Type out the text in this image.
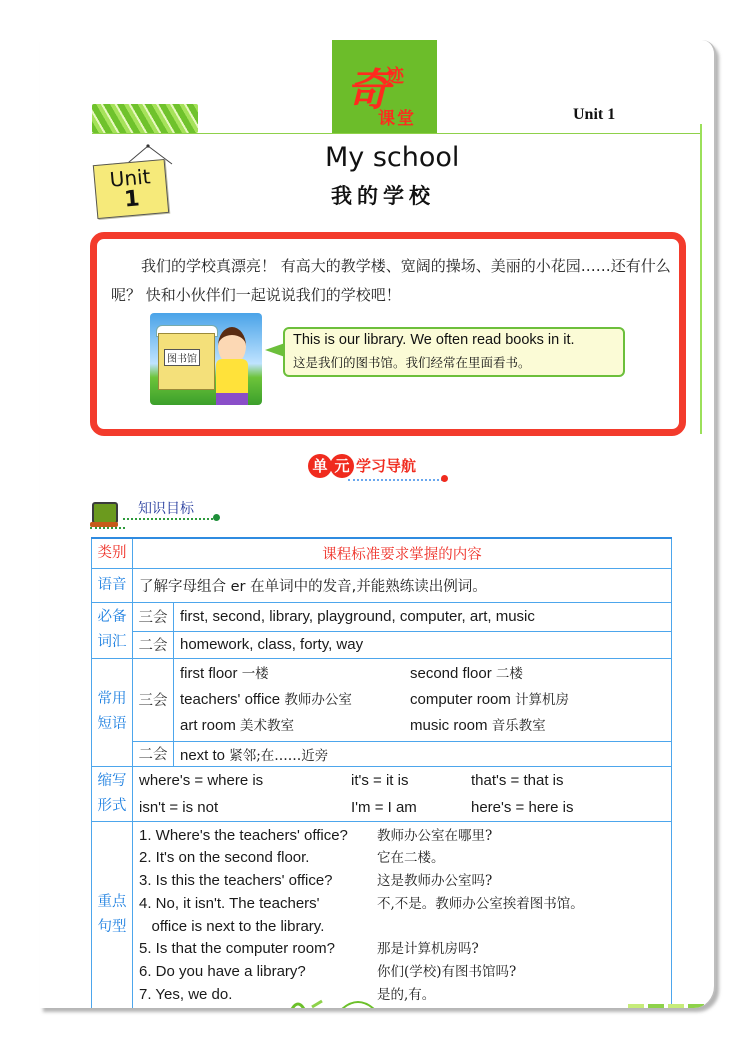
奇
迹
课堂	Unit 1
Unit
1
My school
我的学校
我们的学校真漂亮！ 有高大的教学楼、宽阔的操场、美丽的小花园……还有什么呢？ 快和小伙伴们一起说说我们的学校吧！
图书馆
This is our library. We often read books in it.
这是我们的图书馆。我们经常在里面看书。
单 元 学习导航
知识目标
类别	课程标准要求掌握的内容	
语音	了解字母组合 er 在单词中的发音,并能熟练读出例词。	

必备
词汇	三会	first, second, library, playground, computer, art, music
	二会	homework, class, forty, way

常用
短语
	三会	
first floor 一楼	second floor 二楼
teachers' office 教师办公室	computer room 计算机房
art room 美术教室	music room 音乐教室

	二会	next to 紧邻;在……近旁

缩写
形式

where's = where is	it's = it is	that's = that is
isn't = is not	I'm = I am	here's = here is

重点
句型

1. Where's the teachers' office?	教师办公室在哪里?
2. It's on the second floor.	它在二楼。
3. Is this the teachers' office?	这是教师办公室吗?
4. No, it isn't. The teachers'	不,不是。教师办公室挨着图书馆。
office is next to the library.
5. Is that the computer room?	那是计算机房吗?
6. Do you have a library?	你们(学校)有图书馆吗?
7. Yes, we do.	是的,有。
